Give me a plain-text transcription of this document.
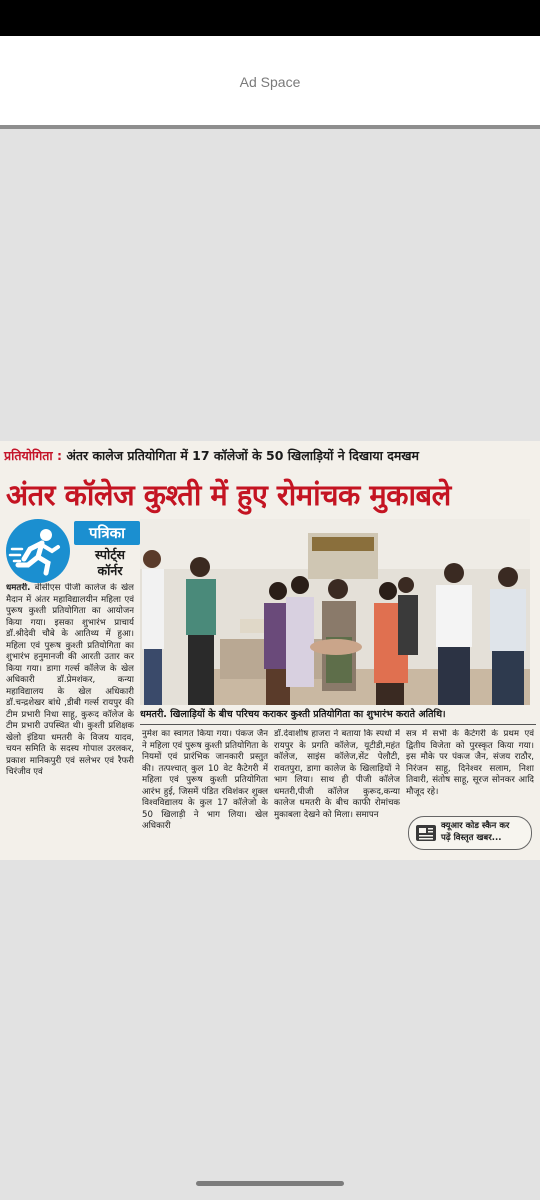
Ad Space
प्रतियोगिता : अंतर कालेज प्रतियोगिता में 17 कॉलेजों के 50 खिलाड़ियों ने दिखाया दमखम
अंतर कॉलेज कुश्ती में हुए रोमांचक मुकाबले
पत्रिका
स्पोर्ट्स
कॉर्नर
धमतरी. खिलाड़ियों के बीच परिचय कराकर कुश्ती प्रतियोगिता का शुभारंभ कराते अतिथि।
धमतरी. बीसीएस पीजी कालेज के खेल मैदान में अंतर महाविद्यालयीन महिला एवं पुरूष कुश्ती प्रतियोगिता का आयोजन किया गया। इसका शुभारंभ प्राचार्य डॉ.श्रीदेवी चौबे के आतिथ्य में हुआ। महिला एवं पुरूष कुश्ती प्रतियोगिता का शुभारंभ हनुमानजी की आरती उतार कर किया गया। डागा गर्ल्स कॉलेज के खेल अधिकारी डॉ.प्रेमशंकर, कन्या महाविद्यालय के खेल अधिकारी डॉ.चन्द्रशेखर बांधे ,डीबी गर्ल्स रायपुर की टीम प्रभारी निधा साहू, कुरूद कॉलेज के टीम प्रभारी उपस्थित थी। कुश्ती प्रशिक्षक खेलो इंडिया धमतरी के विजय यादव, चयन समिति के सदस्य गोपाल उरलकर, प्रकाश मानिकपुरी एवं सलेभर एवं रैफरी चिरंजीव एवं
नुमेश का स्वागत किया गया। पंकज जैन ने महिला एवं पुरूष कुश्ती प्रतियोगिता के नियमों एवं प्रारंभिक जानकारी प्रस्तुत की। तत्पश्चात् कुल 10 वेट कैटेगरी में महिला एवं पुरूष कुश्ती प्रतियोगिता आरंभ हुई, जिसमें पंडित रविशंकर शुक्ल विश्वविद्यालय के कुल 17 कॉलेजो के 50 खिलाड़ी ने भाग लिया। खेल अधिकारी
डॉ.देवाशीष हाजरा ने बताया कि स्पर्धा में रायपुर के प्रगति कॉलेज, यूटीडी,महंत कॉलेज, साइंस कॉलेज,सेंट पेलौटी, रावतपुरा, डागा कालेज के खिलाड़ियों ने भाग लिया। साथ ही पीजी कॉलेज धमतरी,पीजी कॉलेज कुरूद,कन्या कालेज धमतरी के बीच काफी रोमांचक मुकाबला देखने को मिला। समापन
सत्र में सभी के कैटेगरी के प्रथम एवं द्वितीय विजेता को पुरस्कृत किया गया। इस मौके पर पंकज जैन, संजय राठौर, निरंजन साहू, दिनेश्वर सलाम, निशा तिवारी, संतोष साहू, सूरज सोनकर आदि मौजूद रहे।
क्यूआर कोड स्कैन कर
पढ़ें विस्तृत खबर...
